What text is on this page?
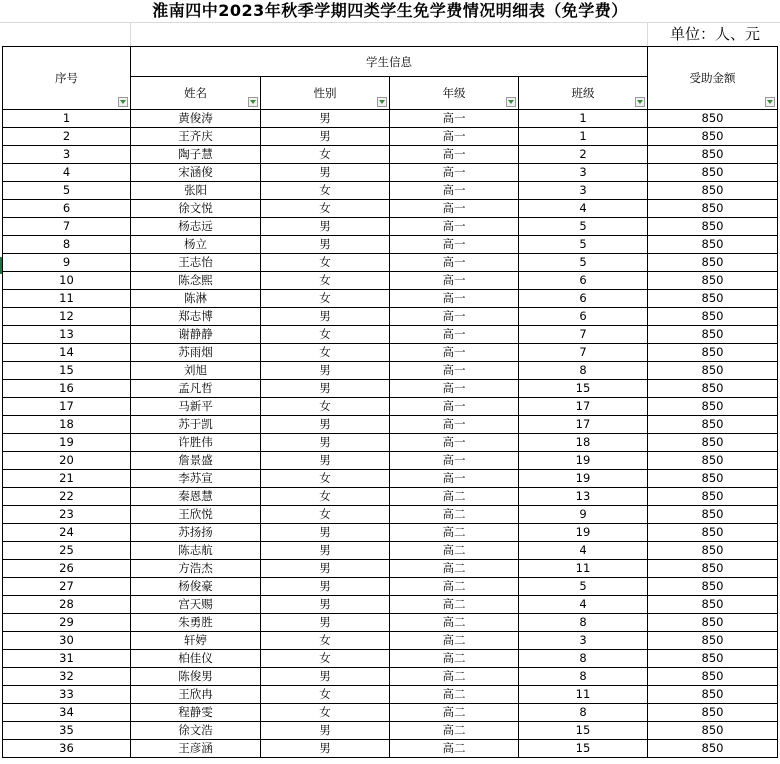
淮南四中2023年秋季学期四类学生免学费情况明细表（免学费）
单位：人、元
序号	学生信息				受助金额

	姓名	性别	年级	班级	

1	黄俊涛	男	高一	1	850
2	王齐庆	男	高一	1	850
3	陶子慧	女	高一	2	850
4	宋涵俊	男	高一	3	850
5	张阳	女	高一	3	850
6	徐文悦	女	高一	4	850
7	杨志远	男	高一	5	850
8	杨立	男	高一	5	850
9	王志怡	女	高一	5	850
10	陈念熙	女	高一	6	850
11	陈淋	女	高一	6	850
12	郑志博	男	高一	6	850
13	谢静静	女	高一	7	850
14	苏雨烟	女	高一	7	850
15	刘旭	男	高一	8	850
16	孟凡哲	男	高一	15	850
17	马新平	女	高一	17	850
18	苏于凯	男	高一	17	850
19	许胜伟	男	高一	18	850
20	詹景盛	男	高一	19	850
21	李苏宣	女	高一	19	850
22	秦恩慧	女	高二	13	850
23	王欣悦	女	高二	9	850
24	苏扬扬	男	高二	19	850
25	陈志航	男	高二	4	850
26	方浩杰	男	高二	11	850
27	杨俊豪	男	高二	5	850
28	宫天赐	男	高二	4	850
29	朱勇胜	男	高二	8	850
30	轩婷	女	高二	3	850
31	柏佳仪	女	高二	8	850
32	陈俊男	男	高二	8	850
33	王欣冉	女	高二	11	850
34	程静雯	女	高二	8	850
35	徐文浩	男	高二	15	850
36	王彦涵	男	高二	15	850
